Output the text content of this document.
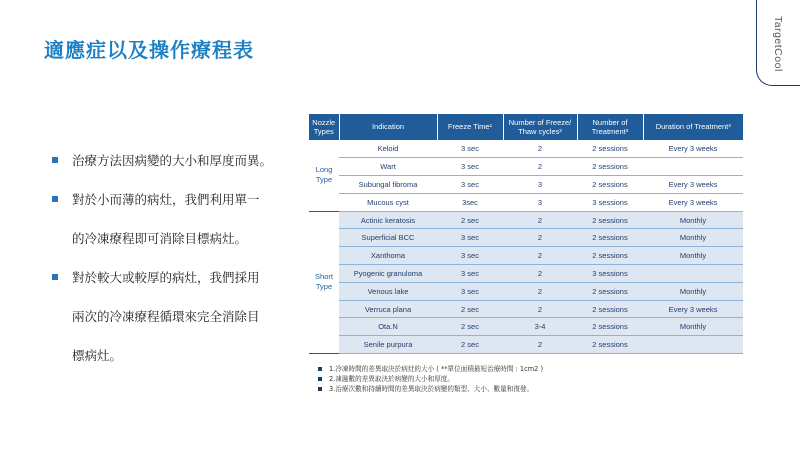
適應症以及操作療程表	TargetCool
治療方法因病變的大小和厚度而異。
對於小而薄的病灶，我們利用單一
的冷凍療程即可消除目標病灶。
對於較大或較厚的病灶，我們採用
兩次的冷凍療程循環來完全消除目
標病灶。
Nozzle Types	Indication	Freeze Time¹	Number of Freeze/ Thaw cycles²	Number of Treatment³	Duration of Treatment³

Long
Type	Keloid	3 sec	2	2 sessions	Every 3 weeks
	Wart	3 sec	2	2 sessions	
	Subungal fibroma	3 sec	3	2 sessions	Every 3 weeks
	Mucous cyst	3sec	3	3 sessions	Every 3 weeks

Short
Type	Actinic keratosis	2 sec	2	2 sessions	Monthly
	Superficial BCC	3 sec	2	2 sessions	Monthly
	Xanthoma	3 sec	2	2 sessions	Monthly
	Pyogenic granuloma	3 sec	2	3 sessions	
	Venous lake	3 sec	2	2 sessions	Monthly
	Verruca plana	2 sec	2	2 sessions	Every 3 weeks
	Ota.N	2 sec	3-4	2 sessions	Monthly
	Senile purpura	2 sec	2	2 sessions	
1.冷凍時間的差異取決於病灶的大小 ( **單位面積最短治療時間 : 1cm2 )
2.凍融數的差異取決於病變的大小和厚度。
3.治療次數和持續時間的差異取決於病變的類型、大小、數量和復發。
